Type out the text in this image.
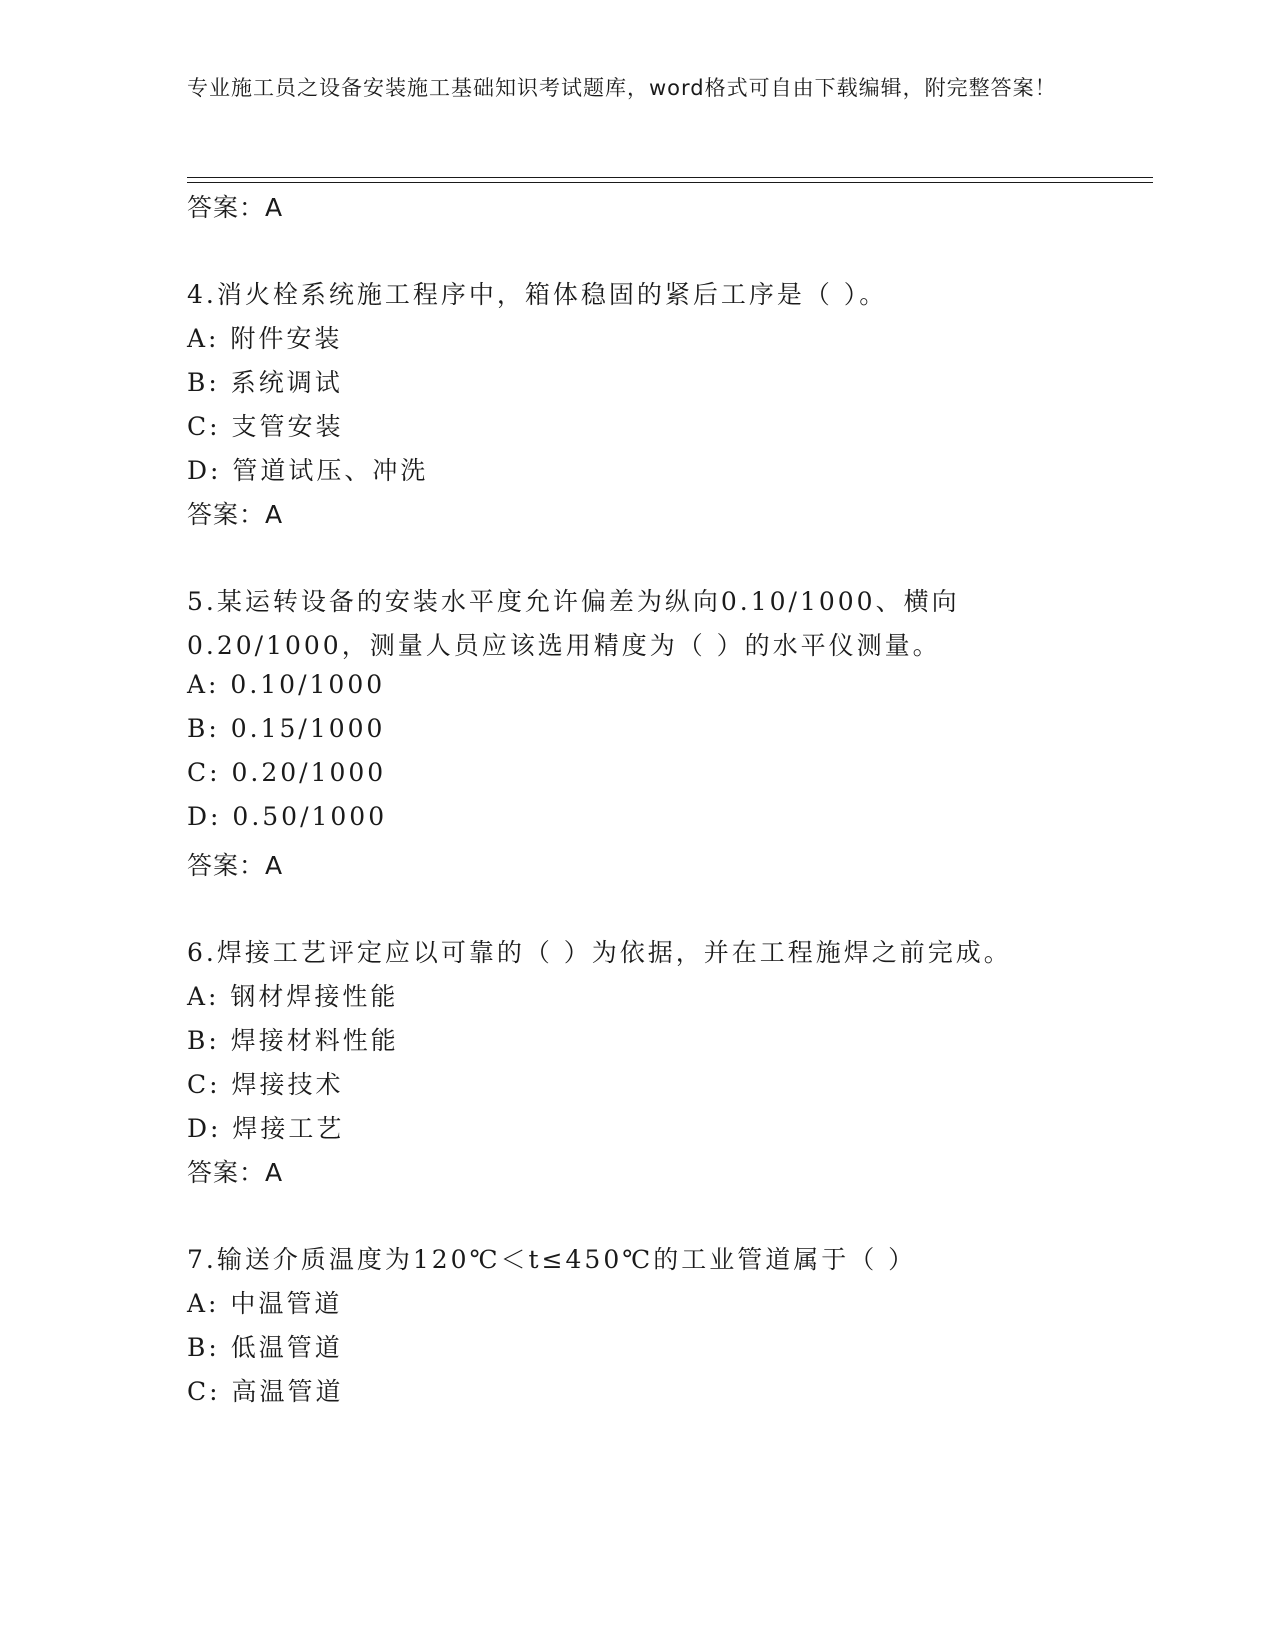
专业施工员之设备安装施工基础知识考试题库，word格式可自由下载编辑，附完整答案！
答案：A
4.消火栓系统施工程序中，箱体稳固的紧后工序是（ ）。
A: 附件安装
B: 系统调试
C: 支管安装
D: 管道试压、冲洗
答案：A
5.某运转设备的安装水平度允许偏差为纵向0.10/1000、横向
0.20/1000，测量人员应该选用精度为（ ）的水平仪测量。
A: 0.10/1000
B: 0.15/1000
C: 0.20/1000
D: 0.50/1000
答案：A
6.焊接工艺评定应以可靠的（ ）为依据，并在工程施焊之前完成。
A: 钢材焊接性能
B: 焊接材料性能
C: 焊接技术
D: 焊接工艺
答案：A
7.输送介质温度为120℃＜t≤450℃的工业管道属于（ ）
A: 中温管道
B: 低温管道
C: 高温管道
